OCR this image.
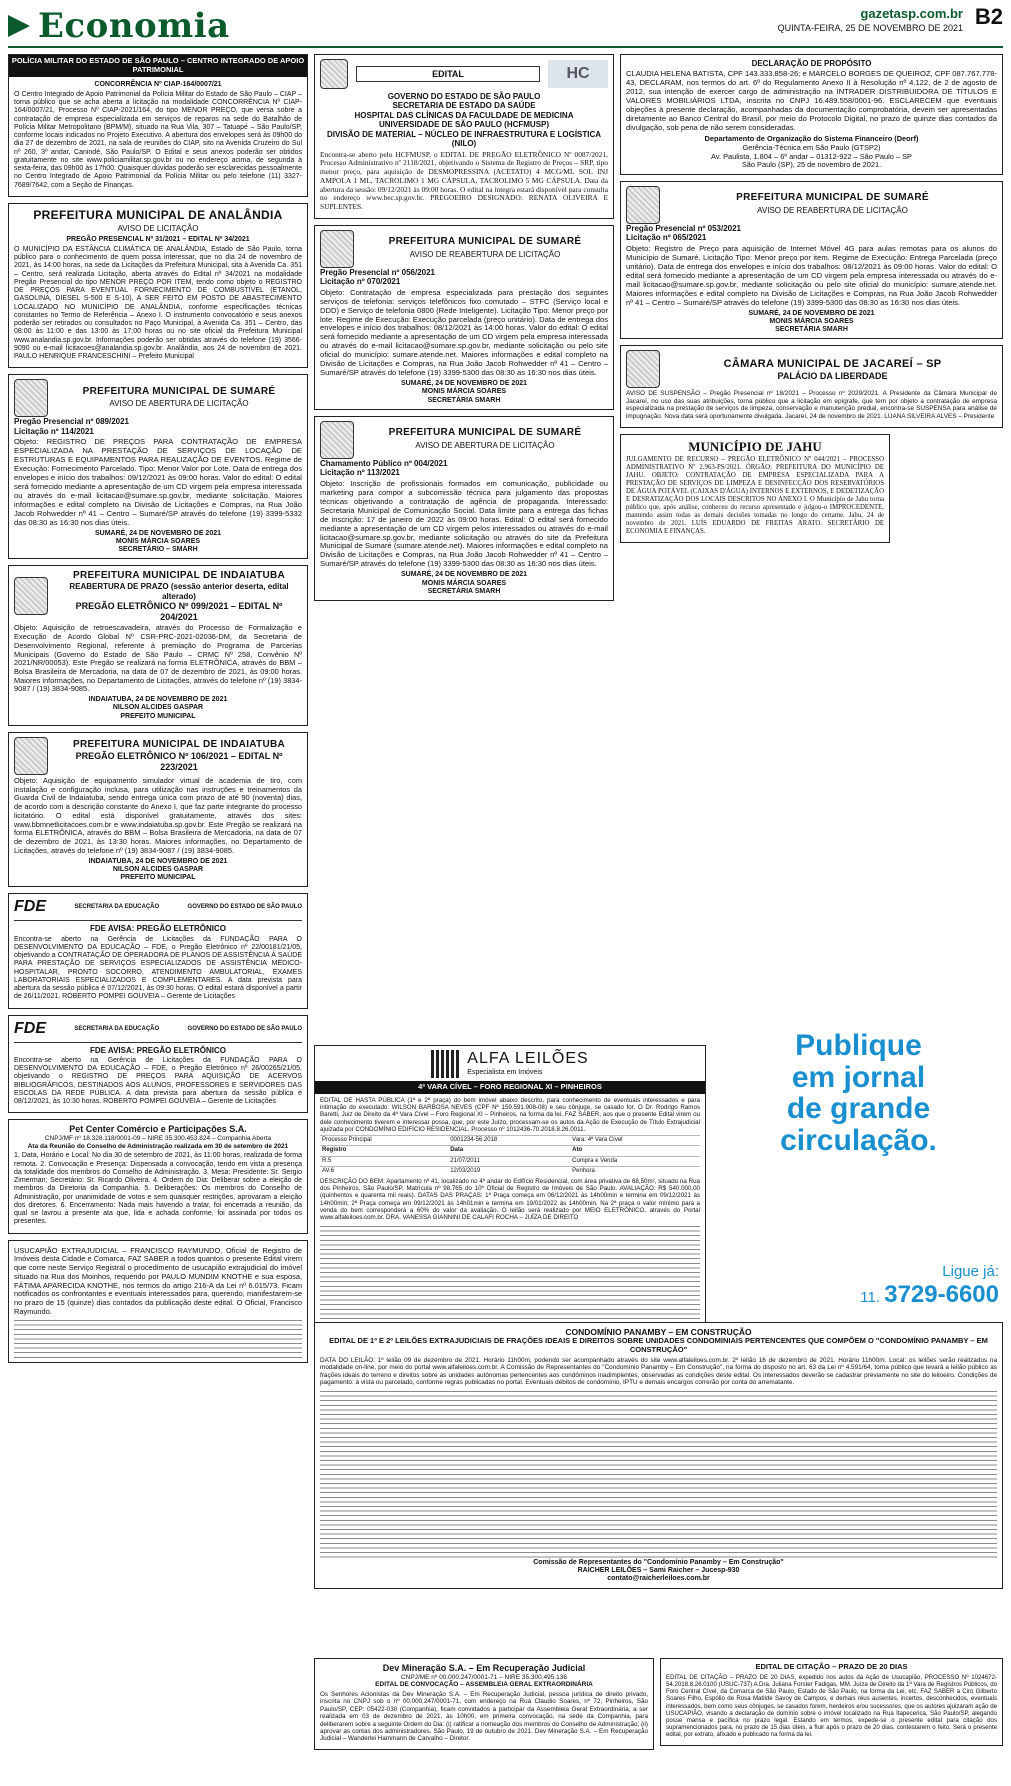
Economia	gazetasp.com.br
QUINTA-FEIRA, 25 DE NOVEMBRO DE 2021 B2
POLÍCIA MILITAR DO ESTADO DE SÃO PAULO – CENTRO INTEGRADO DE APOIO PATRIMONIAL
CONCORRÊNCIA Nº CIAP-164/0007/21

O Centro Integrado de Apoio Patrimonial da Polícia Militar do Estado de São Paulo – CIAP – torna público que se acha aberta a licitação na modalidade CONCORRÊNCIA Nº CIAP-164/0007/21, Processo Nº CIAP-2021/164, do tipo MENOR PREÇO, que versa sobre a contratação de empresa especializada em serviços de reparos na sede do Batalhão de Polícia Militar Metropolitano (BPM/M), situado na Rua Vila, 307 – Tatuapé – São Paulo/SP, conforme locais indicados no Projeto Executivo. A abertura dos envelopes será às 09h00 do dia 27 de dezembro de 2021, na sala de reuniões do CIAP, sito na Avenida Cruzeiro do Sul nº 260, 3º andar, Canindé, São Paulo/SP. O Edital e seus anexos poderão ser obtidos gratuitamente no site www.policiamilitar.sp.gov.br ou no endereço acima, de segunda à sexta-feira, das 09h00 às 17h00. Quaisquer dúvidas poderão ser esclarecidas pessoalmente no Centro Integrado de Apoio Patrimonial da Polícia Militar ou pelo telefone (11) 3327-7689/7642, com a Seção de Finanças.

PREFEITURA MUNICIPAL DE ANALÂNDIA
AVISO DE LICITAÇÃO
PREGÃO PRESENCIAL Nº 31/2021 – EDITAL Nº 34/2021

O MUNICÍPIO DA ESTÂNCIA CLIMÁTICA DE ANALÂNDIA, Estado de São Paulo, torna público para o conhecimento de quem possa interessar, que no dia 24 de novembro de 2021, às 14:00 horas, na sede da Licitações da Prefeitura Municipal, sita à Avenida Ca. 351 – Centro, será realizada Licitação, aberta através do Edital nº 34/2021 na modalidade Pregão Presencial do tipo MENOR PREÇO POR ITEM, tendo como objeto o REGISTRO DE PREÇOS PARA EVENTUAL FORNECIMENTO DE COMBUSTÍVEL (ETANOL, GASOLINA, DIESEL S-500 E S-10), A SER FEITO EM POSTO DE ABASTECIMENTO LOCALIZADO NO MUNICÍPIO DE ANALÂNDIA, conforme especificações técnicas constantes no Termo de Referência – Anexo I. O instrumento convocatório e seus anexos poderão ser retirados ou consultados no Paço Municipal, à Avenida Ca. 351 – Centro, das 08:00 às 11:00 e das 13:00 às 17:00 horas ou no site oficial da Prefeitura Municipal www.analandia.sp.gov.br. Informações poderão ser obtidas através do telefone (19) 3566-9090 ou e-mail licitacoes@analandia.sp.gov.br. Analândia, aos 24 de novembro de 2021. PAULO HENRIQUE FRANCESCHINI – Prefeito Municipal

PREFEITURA MUNICIPAL DE SUMARÉ
AVISO DE ABERTURA DE LICITAÇÃO
Pregão Presencial nº 089/2021
Licitação nº 114/2021

Objeto: REGISTRO DE PREÇOS PARA CONTRATAÇÃO DE EMPRESA ESPECIALIZADA NA PRESTAÇÃO DE SERVIÇOS DE LOCAÇÃO DE ESTRUTURAS E EQUIPAMENTOS PARA REALIZAÇÃO DE EVENTOS. Regime de Execução: Fornecimento Parcelado. Tipo: Menor Valor por Lote. Data de entrega dos envelopes e início dos trabalhos: 09/12/2021 às 09:00 horas. Valor do edital: O edital será fornecido mediante a apresentação de um CD virgem pela empresa interessada ou através do e-mail licitacao@sumare.sp.gov.br, mediante solicitação. Maiores informações e edital completo na Divisão de Licitações e Compras, na Rua João Jacob Rohwedder nº 41 – Centro – Sumaré/SP através do telefone (19) 3399-5332 das 08:30 as 16:30 nos dias úteis.

SUMARÉ, 24 DE NOVEMBRO DE 2021
MONIS MÁRCIA SOARES
SECRETÁRIO – SMARH
PREFEITURA MUNICIPAL DE INDAIATUBA
REABERTURA DE PRAZO (sessão anterior deserta, edital alterado)
PREGÃO ELETRÔNICO Nº 099/2021 – EDITAL Nº 204/2021

Objeto: Aquisição de retroescavadeira, através do Processo de Formalização e Execução de Acordo Global Nº CSR-PRC-2021-02036-DM, da Secretaria de Desenvolvimento Regional, referente à premiação do Programa de Parcerias Municipais (Governo do Estado de São Paulo – CRMC Nº 258, Convênio Nº 2021/NR/00053). Este Pregão se realizará na forma ELETRÔNICA, através do BBM – Bolsa Brasileira de Mercadoria, na data de 07 de dezembro de 2021, às 09:00 horas. Maiores informações, no Departamento de Licitações, através do telefone nº (19) 3834-9087 / (19) 3834-9085.

INDAIATUBA, 24 DE NOVEMBRO DE 2021
NILSON ALCIDES GASPAR
PREFEITO MUNICIPAL
PREFEITURA MUNICIPAL DE INDAIATUBA
PREGÃO ELETRÔNICO Nº 106/2021 – EDITAL Nº 223/2021

Objeto: Aquisição de equipamento simulador virtual de academia de tiro, com instalação e configuração inclusa, para utilização nas instruções e treinamentos da Guarda Civil de Indaiatuba, sendo entrega única com prazo de até 90 (noventa) dias, de acordo com a descrição constante do Anexo I, que faz parte integrante do processo licitatório. O edital está disponível gratuitamente, através dos sites: www.bbmnetlicitacoes.com.br e www.indaiatuba.sp.gov.br. Este Pregão se realizará na forma ELETRÔNICA, através do BBM – Bolsa Brasileira de Mercadoria, na data de 07 de dezembro de 2021, às 13:30 horas. Maiores informações, no Departamento de Licitações, através do telefone nº (19) 3834-9087 / (19) 3834-9085.

INDAIATUBA, 24 DE NOVEMBRO DE 2021
NILSON ALCIDES GASPAR
PREFEITO MUNICIPAL
FDE	SECRETARIA DA EDUCAÇÃO	GOVERNO DO ESTADO DE SÃO PAULO
FDE AVISA: PREGÃO ELETRÔNICO

Encontra-se aberto na Gerência de Licitações da FUNDAÇÃO PARA O DESENVOLVIMENTO DA EDUCAÇÃO – FDE, o Pregão Eletrônico nº 22/00181/21/05, objetivando a CONTRATAÇÃO DE OPERADORA DE PLANOS DE ASSISTÊNCIA À SAÚDE PARA PRESTAÇÃO DE SERVIÇOS ESPECIALIZADOS DE ASSISTÊNCIA MÉDICO-HOSPITALAR, PRONTO SOCORRO, ATENDIMENTO AMBULATORIAL, EXAMES LABORATORIAIS ESPECIALIZADOS E COMPLEMENTARES. A data prevista para abertura da sessão pública é 07/12/2021, às 09:30 horas. O edital estará disponível a partir de 26/11/2021. ROBERTO POMPEI GOUVEIA – Gerente de Licitações

FDE	SECRETARIA DA EDUCAÇÃO	GOVERNO DO ESTADO DE SÃO PAULO
FDE AVISA: PREGÃO ELETRÔNICO

Encontra-se aberto na Gerência de Licitações da FUNDAÇÃO PARA O DESENVOLVIMENTO DA EDUCAÇÃO – FDE, o Pregão Eletrônico nº 26/00265/21/05, objetivando o REGISTRO DE PREÇOS PARA AQUISIÇÃO DE ACERVOS BIBLIOGRÁFICOS, DESTINADOS AOS ALUNOS, PROFESSORES E SERVIDORES DAS ESCOLAS DA REDE PÚBLICA. A data prevista para abertura da sessão pública é 08/12/2021, às 10:30 horas. ROBERTO POMPEI GOUVEIA – Gerente de Licitações

Pet Center Comércio e Participações S.A.
CNPJ/MF nº 18.328.118/0001-09 – NIRE 35.300.453.824 – Companhia Aberta
Ata da Reunião do Conselho de Administração realizada em 30 de setembro de 2021

1. Data, Horário e Local: No dia 30 de setembro de 2021, às 11:00 horas, realizada de forma remota. 2. Convocação e Presença: Dispensada a convocação, tendo em vista a presença da totalidade dos membros do Conselho de Administração. 3. Mesa: Presidente: Sr. Sergio Zimerman; Secretário: Sr. Ricardo Oliveira. 4. Ordem do Dia: Deliberar sobre a eleição de membros da Diretoria da Companhia. 5. Deliberações: Os membros do Conselho de Administração, por unanimidade de votos e sem quaisquer restrições, aprovaram a eleição dos diretores. 6. Encerramento: Nada mais havendo a tratar, foi encerrada a reunião, da qual se lavrou a presente ata que, lida e achada conforme, foi assinada por todos os presentes.

USUCAPIÃO EXTRAJUDICIAL – FRANCISCO RAYMUNDO, Oficial de Registro de Imóveis desta Cidade e Comarca, FAZ SABER a todos quantos o presente Edital virem que corre neste Serviço Registral o procedimento de usucapião extrajudicial do imóvel situado na Rua dos Moinhos, requerido por PAULO MUNDIM KNOTHE e sua esposa, FÁTIMA APARECIDA KNOTHE, nos termos do artigo 216-A da Lei nº 6.015/73. Ficam notificados os confrontantes e eventuais interessados para, querendo, manifestarem-se no prazo de 15 (quinze) dias contados da publicação deste edital. O Oficial, Francisco Raymundo.

EDITAL	HC
GOVERNO DO ESTADO DE SÃO PAULO
SECRETARIA DE ESTADO DA SAÚDE
HOSPITAL DAS CLÍNICAS DA FACULDADE DE MEDICINA
UNIVERSIDADE DE SÃO PAULO (HCFMUSP)
DIVISÃO DE MATERIAL – NÚCLEO DE INFRAESTRUTURA E LOGÍSTICA (NILO)

Encontra-se aberto pelo HCFMUSP, o EDITAL DE PREGÃO ELETRÔNICO Nº 0087/2021, Processo Administrativo nº 2118/2021, objetivando o Sistema de Registro de Preços – SRP, tipo menor preço, para aquisição de DESMOPRESSINA (ACETATO) 4 MCG/ML SOL INJ AMPOLA 1 ML, TACROLIMO 1 MG CÁPSULA, TACROLIMO 5 MG CÁPSULA. Data da abertura da sessão: 09/12/2021 às 09:00 horas. O edital na íntegra estará disponível para consulta no endereço www.bec.sp.gov.br. PREGOEIRO DESIGNADO: RENATA OLIVEIRA E SUPLENTES.

PREFEITURA MUNICIPAL DE SUMARÉ
AVISO DE REABERTURA DE LICITAÇÃO
Pregão Presencial nº 056/2021
Licitação nº 070/2021

Objeto: Contratação de empresa especializada para prestação dos seguintes serviços de telefonia: serviços telefônicos fixo comutado – STFC (Serviço local e DDD) e Serviço de telefonia 0800 (Rede Inteligente). Licitação Tipo: Menor preço por lote. Regime de Execução: Execução parcelada (preço unitário). Data de entrega dos envelopes e início dos trabalhos: 08/12/2021 às 14:00 horas. Valor do edital: O edital será fornecido mediante a apresentação de um CD virgem pela empresa interessada ou através do e-mail licitacao@sumare.sp.gov.br, mediante solicitação ou pelo site oficial do município: sumare.atende.net. Maiores informações e edital completo na Divisão de Licitações e Compras, na Rua João Jacob Rohwedder nº 41 – Centro – Sumaré/SP através do telefone (19) 3399-5300 das 08:30 as 16:30 nos dias úteis.

SUMARÉ, 24 DE NOVEMBRO DE 2021
MONIS MÁRCIA SOARES
SECRETÁRIA SMARH
PREFEITURA MUNICIPAL DE SUMARÉ
AVISO DE ABERTURA DE LICITAÇÃO
Chamamento Público nº 004/2021
Licitação nº 113/2021

Objeto: Inscrição de profissionais formados em comunicação, publicidade ou marketing para compor a subcomissão técnica para julgamento das propostas técnicas objetivando a contratação de agência de propaganda. Interessado: Secretaria Municipal de Comunicação Social. Data limite para a entrega das fichas de inscrição: 17 de janeiro de 2022 às 09:00 horas. Edital: O edital será fornecido mediante a apresentação de um CD virgem pelos interessados ou através do e-mail licitacao@sumare.sp.gov.br, mediante solicitação ou através do site da Prefeitura Municipal de Sumaré (sumare.atende.net). Maiores informações e edital completo na Divisão de Licitações e Compras, na Rua João Jacob Rohwedder nº 41 – Centro – Sumaré/SP através do telefone (19) 3399-5300 das 08:30 as 16:30 nos dias úteis.

SUMARÉ, 24 DE NOVEMBRO DE 2021
MONIS MÁRCIA SOARES
SECRETÁRIA SMARH
ALFA LEILÕES
Especialista em Imóveis
4ª VARA CÍVEL – FORO REGIONAL XI – PINHEIROS

EDITAL DE HASTA PÚBLICA (1ª e 2ª praça) do bem imóvel abaixo descrito, para conhecimento de eventuais interessados e para intimação do executado: WILSON BARBOSA NEVES (CPF Nº 159.591.908-08) e seu cônjuge, se casado for. O Dr. Rodrigo Ramos Baretti, Juiz de Direito da 4ª Vara Cível – Foro Regional XI – Pinheiros, na forma da lei, FAZ SABER, aos que o presente Edital virem ou dele conhecimento tiverem e interessar possa, que, por este Juízo, processam-se os autos da Ação de Execução de Título Extrajudicial ajuizada por CONDOMÍNIO EDIFÍCIO RESIDENCIAL. Processo nº 1012436-70.2018.8.26.0011.

Processo Principal	0001234-56.2018	Vara: 4ª Vara Cível
Registro	Data	Ato
R.5	21/07/2011	Compra e Venda
AV.6	12/03/2019	Penhora

DESCRIÇÃO DO BEM: Apartamento nº 41, localizado no 4º andar do Edifício Residencial, com área privativa de 68,50m², situado na Rua dos Pinheiros, São Paulo/SP. Matrícula nº 98.765 do 10º Oficial de Registro de Imóveis de São Paulo. AVALIAÇÃO: R$ 540.000,00 (quinhentos e quarenta mil reais). DATAS DAS PRAÇAS: 1ª Praça começa em 06/12/2021 às 14h00min e termina em 09/12/2021 às 14h00min; 2ª Praça começa em 09/12/2021 às 14h01min e termina em 19/01/2022 às 14h00min. Na 2ª praça o valor mínimo para a venda do bem corresponderá a 60% do valor da avaliação. O leilão será realizado por MEIO ELETRÔNICO, através do Portal www.alfaleiloes.com.br. DRA. VANESSA GIANNINI DE CALAFI ROCHA – JUÍZA DE DIREITO

DECLARAÇÃO DE PROPÓSITO

CLAUDIA HELENA BATISTA, CPF 143.333.858-26; e MARCELO BORGES DE QUEIROZ, CPF 087.767.778-43, DECLARAM, nos termos do art. 6º do Regulamento Anexo II à Resolução nº 4.122, de 2 de agosto de 2012, sua intenção de exercer cargo de administração na INTRADER DISTRIBUIDORA DE TÍTULOS E VALORES MOBILIÁRIOS LTDA, inscrita no CNPJ 16.489.558/0001-96. ESCLARECEM que eventuais objeções à presente declaração, acompanhadas da documentação comprobatória, devem ser apresentadas diretamente ao Banco Central do Brasil, por meio do Protocolo Digital, no prazo de quinze dias contados da divulgação, sob pena de não serem consideradas.

Departamento de Organização do Sistema Financeiro (Deorf)
Gerência-Técnica em São Paulo (GTSP2)
Av. Paulista, 1.804 – 6º andar – 01312-922 – São Paulo – SP
São Paulo (SP), 25 de novembro de 2021.
PREFEITURA MUNICIPAL DE SUMARÉ
AVISO DE REABERTURA DE LICITAÇÃO
Pregão Presencial nº 053/2021
Licitação nº 065/2021

Objeto: Registro de Preço para aquisição de Internet Móvel 4G para aulas remotas para os alunos do Município de Sumaré. Licitação Tipo: Menor preço por item. Regime de Execução: Entrega Parcelada (preço unitário). Data de entrega dos envelopes e início dos trabalhos: 08/12/2021 às 09:00 horas. Valor do edital: O edital será fornecido mediante a apresentação de um CD virgem pela empresa interessada ou através do e-mail licitacao@sumare.sp.gov.br, mediante solicitação ou pelo site oficial do município: sumare.atende.net. Maiores informações e edital completo na Divisão de Licitações e Compras, na Rua João Jacob Rohwedder nº 41 – Centro – Sumaré/SP através do telefone (19) 3399-5300 das 08:30 as 16:30 nos dias úteis.

SUMARÉ, 24 DE NOVEMBRO DE 2021
MONIS MÁRCIA SOARES
SECRETÁRIA SMARH
CÂMARA MUNICIPAL DE JACAREÍ – SP
PALÁCIO DA LIBERDADE

AVISO DE SUSPENSÃO – Pregão Presencial nº 18/2021 – Processo nº 2029/2021. A Presidente da Câmara Municipal de Jacareí, no uso das suas atribuições, torna público que a licitação em epígrafe, que tem por objeto a contratação de empresa especializada na prestação de serviços de limpeza, conservação e manutenção predial, encontra-se SUSPENSA para análise de impugnação. Nova data será oportunamente divulgada. Jacareí, 24 de novembro de 2021. LUANA SILVEIRA ALVES – Presidente

MUNICÍPIO DE JAHU

JULGAMENTO DE RECURSO – PREGÃO ELETRÔNICO Nº 044/2021 – PROCESSO ADMINISTRATIVO Nº 2.963-PS/2021. ÓRGÃO: PREFEITURA DO MUNICÍPIO DE JAHU. OBJETO: CONTRATAÇÃO DE EMPRESA ESPECIALIZADA PARA A PRESTAÇÃO DE SERVIÇOS DE LIMPEZA E DESINFECÇÃO DOS RESERVATÓRIOS DE ÁGUA POTÁVEL (CAIXAS D'ÁGUA) INTERNOS E EXTERNOS, E DEDETIZAÇÃO E DESRATIZAÇÃO DOS LOCAIS DESCRITOS NO ANEXO I. O Município de Jahu torna público que, após análise, conheceu do recurso apresentado e julgou-o IMPROCEDENTE, mantendo assim todas as demais decisões tomadas no longo do certame. Jahu, 24 de novembro de 2021. LUÍS EDUARDO DE FREITAS ARATO. SECRETÁRIO DE ECONOMIA E FINANÇAS.

Publique
em jornal
de grande
circulação.
Ligue já:
11. 3729-6600
CONDOMÍNIO PANAMBY – EM CONSTRUÇÃO
EDITAL DE 1º E 2º LEILÕES EXTRAJUDICIAIS DE FRAÇÕES IDEAIS E DIREITOS SOBRE UNIDADES CONDOMINIAIS PERTENCENTES QUE COMPÕEM O "CONDOMÍNIO PANAMBY – EM CONSTRUÇÃO"

DATA DO LEILÃO: 1º leilão 09 de dezembro de 2021. Horário 11h00m, podendo ser acompanhado através do site www.alfaleiloes.com.br. 2º leilão 16 de dezembro de 2021. Horário 11h00m. Local: os leilões serão realizados na modalidade on-line, por meio do portal www.alfaleiloes.com.br. A Comissão de Representantes do "Condomínio Panamby – Em Construção", na forma do disposto no art. 63 da Lei nº 4.591/64, torna público que levará a leilão público as frações ideais do terreno e direitos sobre as unidades autônomas pertencentes aos condôminos inadimplentes, observadas as condições deste edital. Os interessados deverão se cadastrar previamente no site do leiloeiro. Condições de pagamento: à vista ou parcelado, conforme regras publicadas no portal. Eventuais débitos de condomínio, IPTU e demais encargos correrão por conta do arrematante.

Comissão de Representantes do "Condomínio Panamby – Em Construção"
RAICHER LEILÕES – Sami Raicher – Jucesp-930
contato@raicherleiloes.com.br
Dev Mineração S.A. – Em Recuperação Judicial
CNPJ/ME nº 00.000.247/0001-71 – NIRE 35.300.495.136
EDITAL DE CONVOCAÇÃO – ASSEMBLEIA GERAL EXTRAORDINÁRIA

Os Senhores Acionistas da Dev Mineração S.A. – Em Recuperação Judicial, pessoa jurídica de direito privado, inscrita no CNPJ sob o nº 00.000.247/0001-71, com endereço na Rua Claudio Soares, nº 72, Pinheiros, São Paulo/SP, CEP: 05422-030 (Companhia), ficam convidados a participar da Assembleia Geral Extraordinária, a ser realizada em 03 de dezembro de 2021, às 10h00, em primeira convocação, na sede da Companhia, para deliberarem sobre a seguinte Ordem do Dia: (i) ratificar a nomeação dos membros do Conselho de Administração; (ii) aprovar as contas dos administradores. São Paulo, 19 de outubro de 2021. Dev Mineração S.A. – Em Recuperação Judicial – Wanderlei Hammann de Carvalho – Diretor.

EDITAL DE CITAÇÃO – PRAZO DE 20 DIAS

EDITAL DE CITAÇÃO – PRAZO DE 20 DIAS, expedido nos autos da Ação de Usucapião, PROCESSO Nº 1024672-54.2018.8.26.0100 (USUC-737) A Dra. Juliana Forster Fadigas, MM. Juíza de Direito da 1ª Vara de Registros Públicos, do Foro Central Cível, da Comarca de São Paulo, Estado de São Paulo, na forma da Lei, etc. FAZ SABER a Ciro Gilberto Soares Filho, Espólio de Rosa Matilde Savoy de Campos, e demais réus ausentes, incertos, desconhecidos, eventuais interessados, bem como seus cônjuges, se casados forem, herdeiros e/ou sucessores, que os autores ajuizaram ação de USUCAPIÃO, visando a declaração de domínio sobre o imóvel localizado na Rua Itapecerica, São Paulo/SP, alegando posse mansa e pacífica no prazo legal. Estando em termos, expede-se o presente edital para citação dos supramencionados para, no prazo de 15 dias úteis, a fluir após o prazo de 20 dias, contestarem o feito. Será o presente edital, por extrato, afixado e publicado na forma da lei.
